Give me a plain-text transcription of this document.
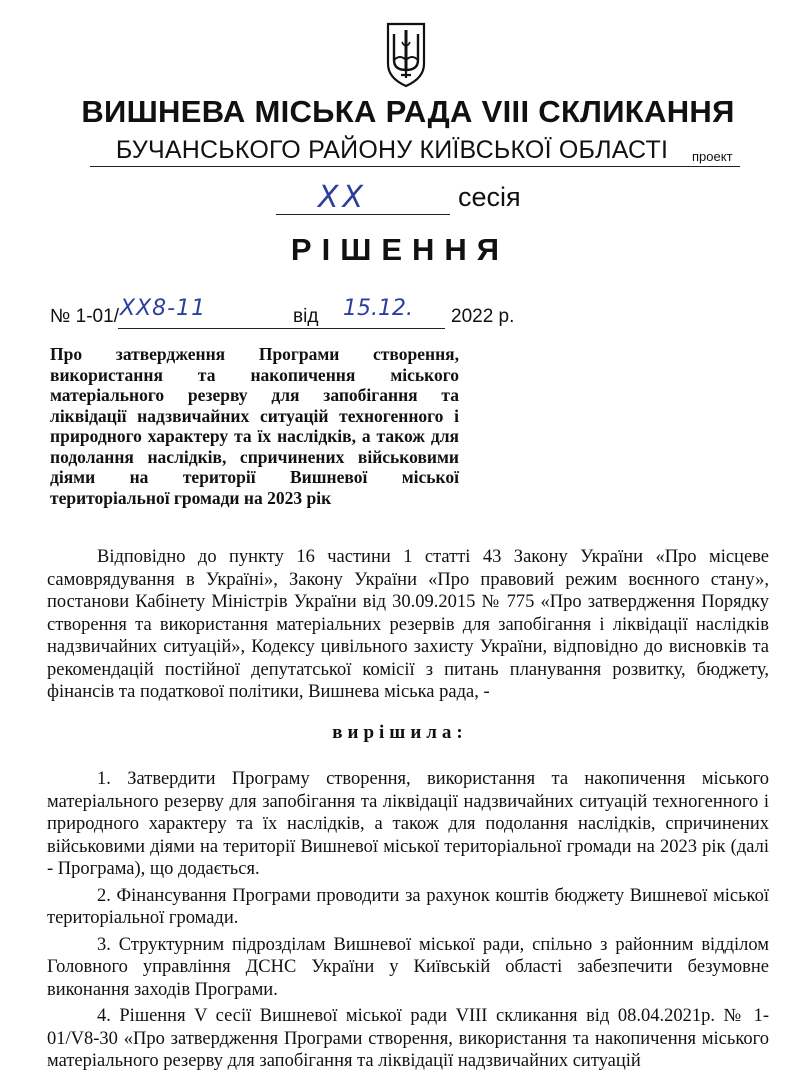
ВИШНЕВА МІСЬКА РАДА VIII СКЛИКАННЯ
БУЧАНСЬКОГО РАЙОНУ КИЇВСЬКОЇ ОБЛАСТІ	проект
XX	сесія
РІШЕННЯ
№ 1-01/ XX8-11	від 15.12. 2022 р.
Про затвердження Програми створення, використання та накопичення міського матеріального резерву для запобігання та ліквідації надзвичайних ситуацій техногенного і природного характеру та їх наслідків, а також для подолання наслідків, спричинених військовими діями на території Вишневої міської територіальної громади на 2023 рік
Відповідно до пункту 16 частини 1 статті 43 Закону України «Про місцеве самоврядування в Україні», Закону України «Про правовий режим воєнного стану», постанови Кабінету Міністрів України від 30.09.2015 № 775 «Про затвердження Порядку створення та використання матеріальних резервів для запобігання і ліквідації наслідків надзвичайних ситуацій», Кодексу цивільного захисту України, відповідно до висновків та рекомендацій постійної депутатської комісії з питань планування розвитку, бюджету, фінансів та податкової політики, Вишнева міська рада, -
вирішила:

1. Затвердити Програму створення, використання та накопичення міського матеріального резерву для запобігання та ліквідації надзвичайних ситуацій техногенного і природного характеру та їх наслідків, а також для подолання наслідків, спричинених військовими діями на території Вишневої міської територіальної громади на 2023 рік (далі - Програма), що додається.

2. Фінансування Програми проводити за рахунок коштів бюджету Вишневої міської територіальної громади.

3. Структурним підрозділам Вишневої міської ради, спільно з районним відділом Головного управління ДСНС України у Київській області забезпечити безумовне виконання заходів Програми.

4. Рішення V сесії Вишневої міської ради VIII скликання від 08.04.2021р. № 1-01/V8-30 «Про затвердження Програми створення, використання та накопичення міського матеріального резерву для запобігання та ліквідації надзвичайних ситуацій
